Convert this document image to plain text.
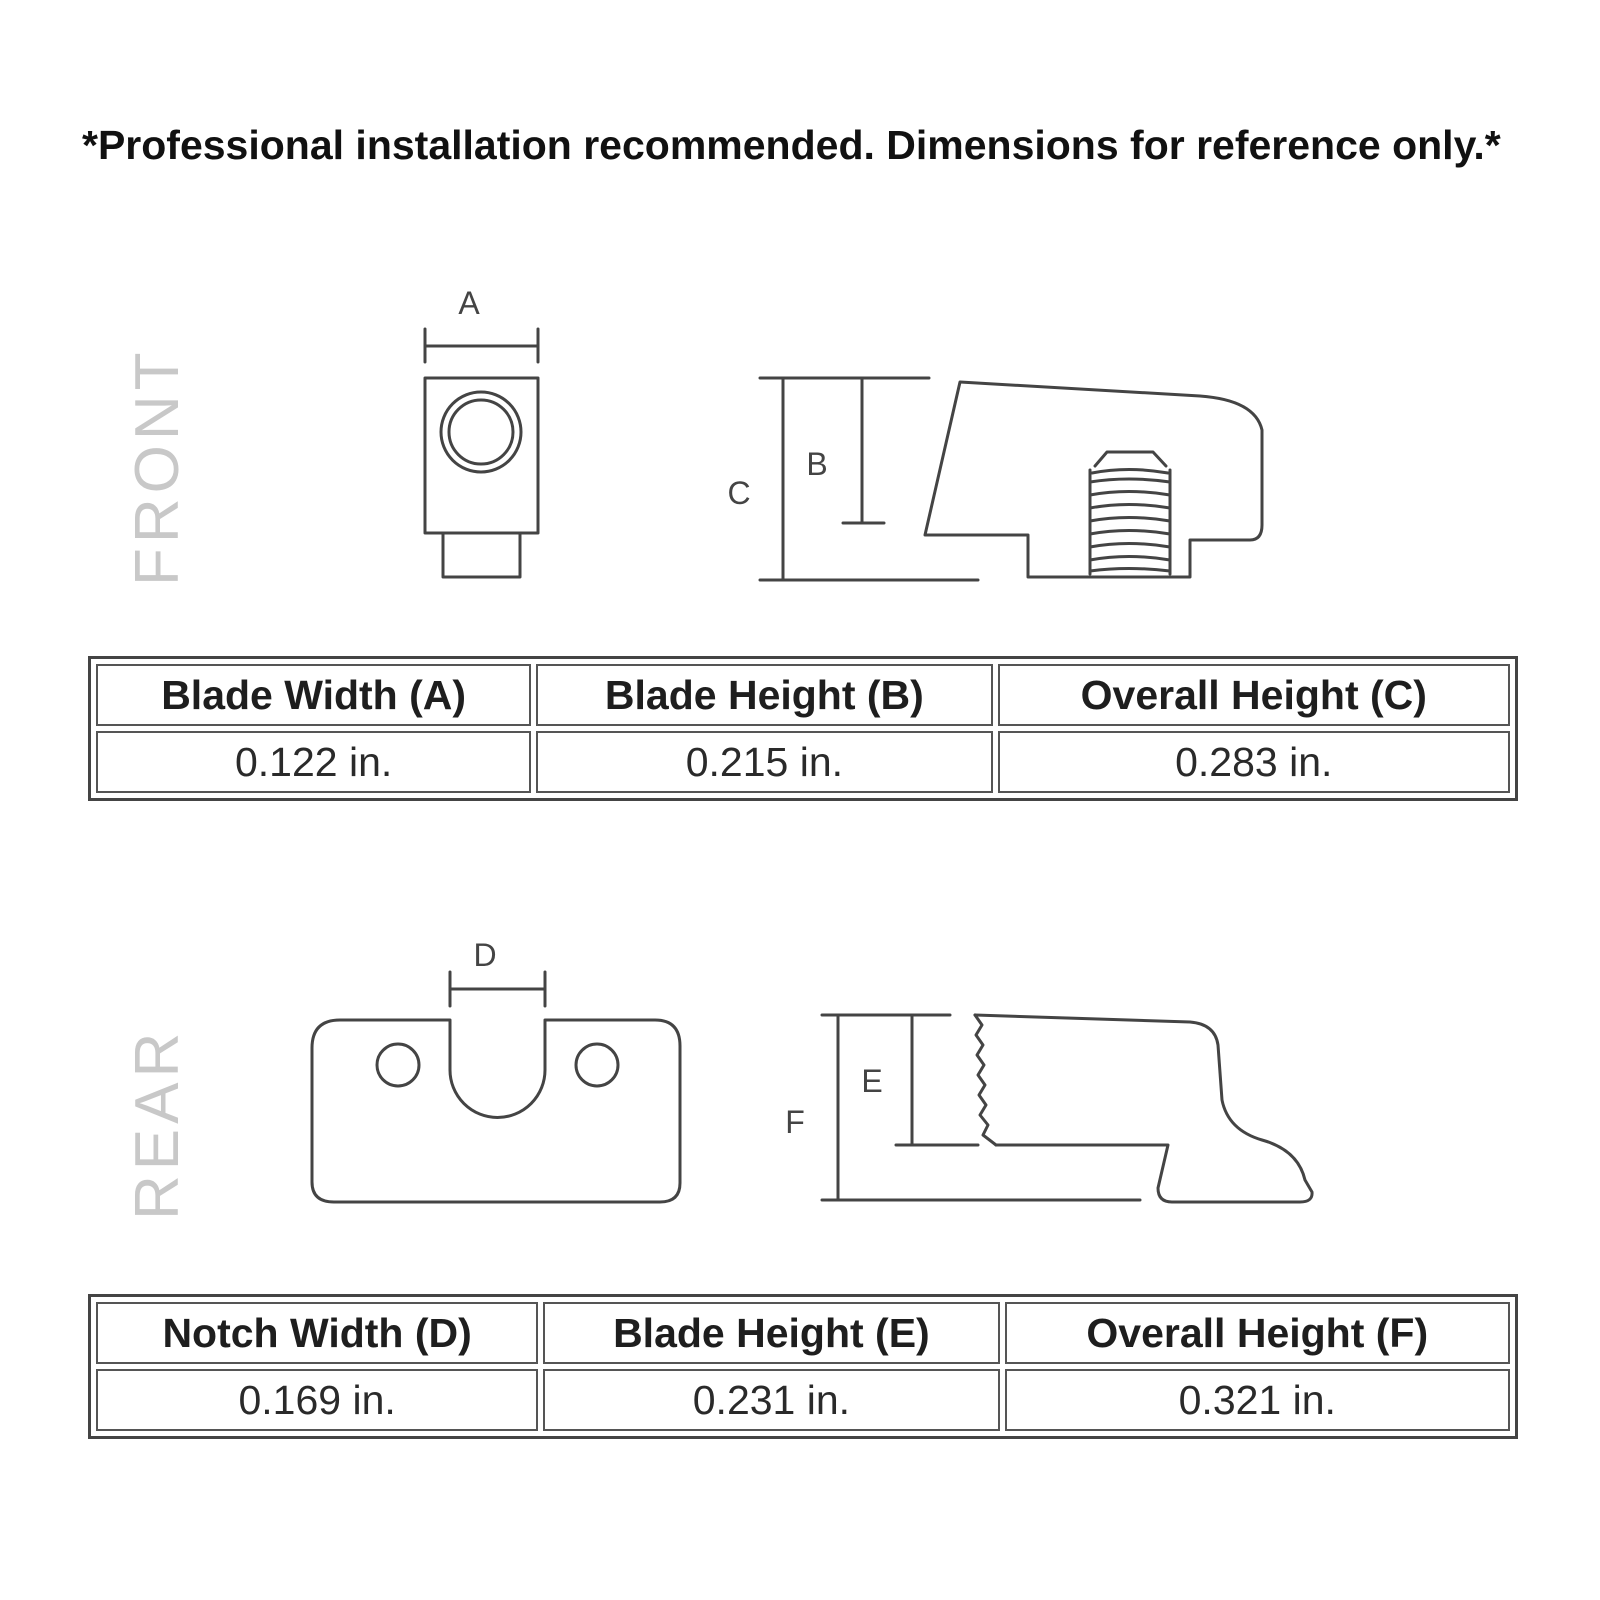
*Professional installation recommended. Dimensions for reference only.*

FRONT
REAR
A
B
C
D
E
F
Blade Width (A)	Blade Height (B)	Overall Height (C)
0.122 in.	0.215 in.	0.283 in.
Notch Width (D)	Blade Height (E)	Overall Height (F)
0.169 in.	0.231 in.	0.321 in.
